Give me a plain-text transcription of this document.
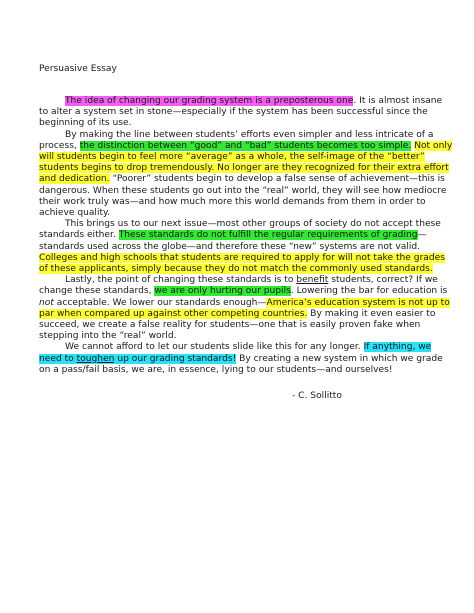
Persuasive Essay

The idea of changing our grading system is a preposterous one. It is almost insane to alter a system set in stone—especially if the system has been successful since the beginning of its use.

By making the line between students’ efforts even simpler and less intricate of a process, the distinction between “good” and “bad” students becomes too simple. Not only will students begin to feel more “average” as a whole, the self-image of the “better” students begins to drop tremendously. No longer are they recognized for their extra effort and dedication. “Poorer” students begin to develop a false sense of achievement—this is dangerous. When these students go out into the “real” world, they will see how mediocre their work truly was—and how much more this world demands from them in order to achieve quality.

This brings us to our next issue—most other groups of society do not accept these standards either. These standards do not fulfill the regular requirements of grading—standards used across the globe—and therefore these “new” systems are not valid. Colleges and high schools that students are required to apply for will not take the grades of these applicants, simply because they do not match the commonly used standards.

Lastly, the point of changing these standards is to benefit students, correct? If we change these standards, we are only hurting our pupils. Lowering the bar for education is not acceptable. We lower our standards enough—America’s education system is not up to par when compared up against other competing countries. By making it even easier to succeed, we create a false reality for students—one that is easily proven fake when stepping into the “real” world.

We cannot afford to let our students slide like this for any longer. If anything, we need to toughen up our grading standards! By creating a new system in which we grade on a pass/fail basis, we are, in essence, lying to our students—and ourselves!

- C. Sollitto
